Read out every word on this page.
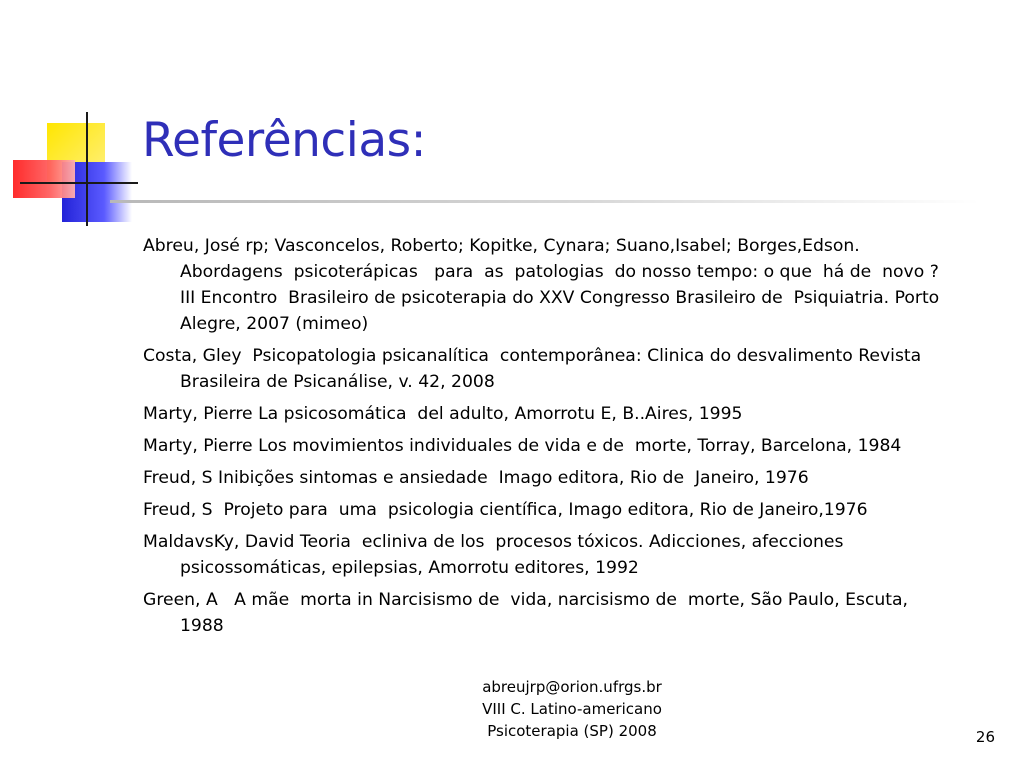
Referências:
Abreu, José rp; Vasconcelos, Roberto; Kopitke, Cynara; Suano,Isabel; Borges,Edson. Abordagens  psicoterápicas   para  as  patologias  do nosso tempo: o que  há de  novo ? III Encontro  Brasileiro de psicoterapia do XXV Congresso Brasileiro de  Psiquiatria. Porto Alegre, 2007 (mimeo)
Costa, Gley  Psicopatologia psicanalítica  contemporânea: Clinica do desvalimento Revista  Brasileira de Psicanálise, v. 42, 2008
Marty, Pierre La psicosomática  del adulto, Amorrotu E, B..Aires, 1995
Marty, Pierre Los movimientos individuales de vida e de  morte, Torray, Barcelona, 1984
Freud, S Inibições sintomas e ansiedade  Imago editora, Rio de  Janeiro, 1976
Freud, S  Projeto para  uma  psicologia científica, Imago editora, Rio de Janeiro,1976
MaldavsKy, David Teoria  ecliniva de los  procesos tóxicos. Adicciones, afecciones psicossomáticas, epilepsias, Amorrotu editores, 1992
Green, A   A mãe  morta in Narcisismo de  vida, narcisismo de  morte, São Paulo, Escuta, 1988
abreujrp@orion.ufrgs.br
VIII C. Latino-americano
Psicoterapia (SP) 2008	26
